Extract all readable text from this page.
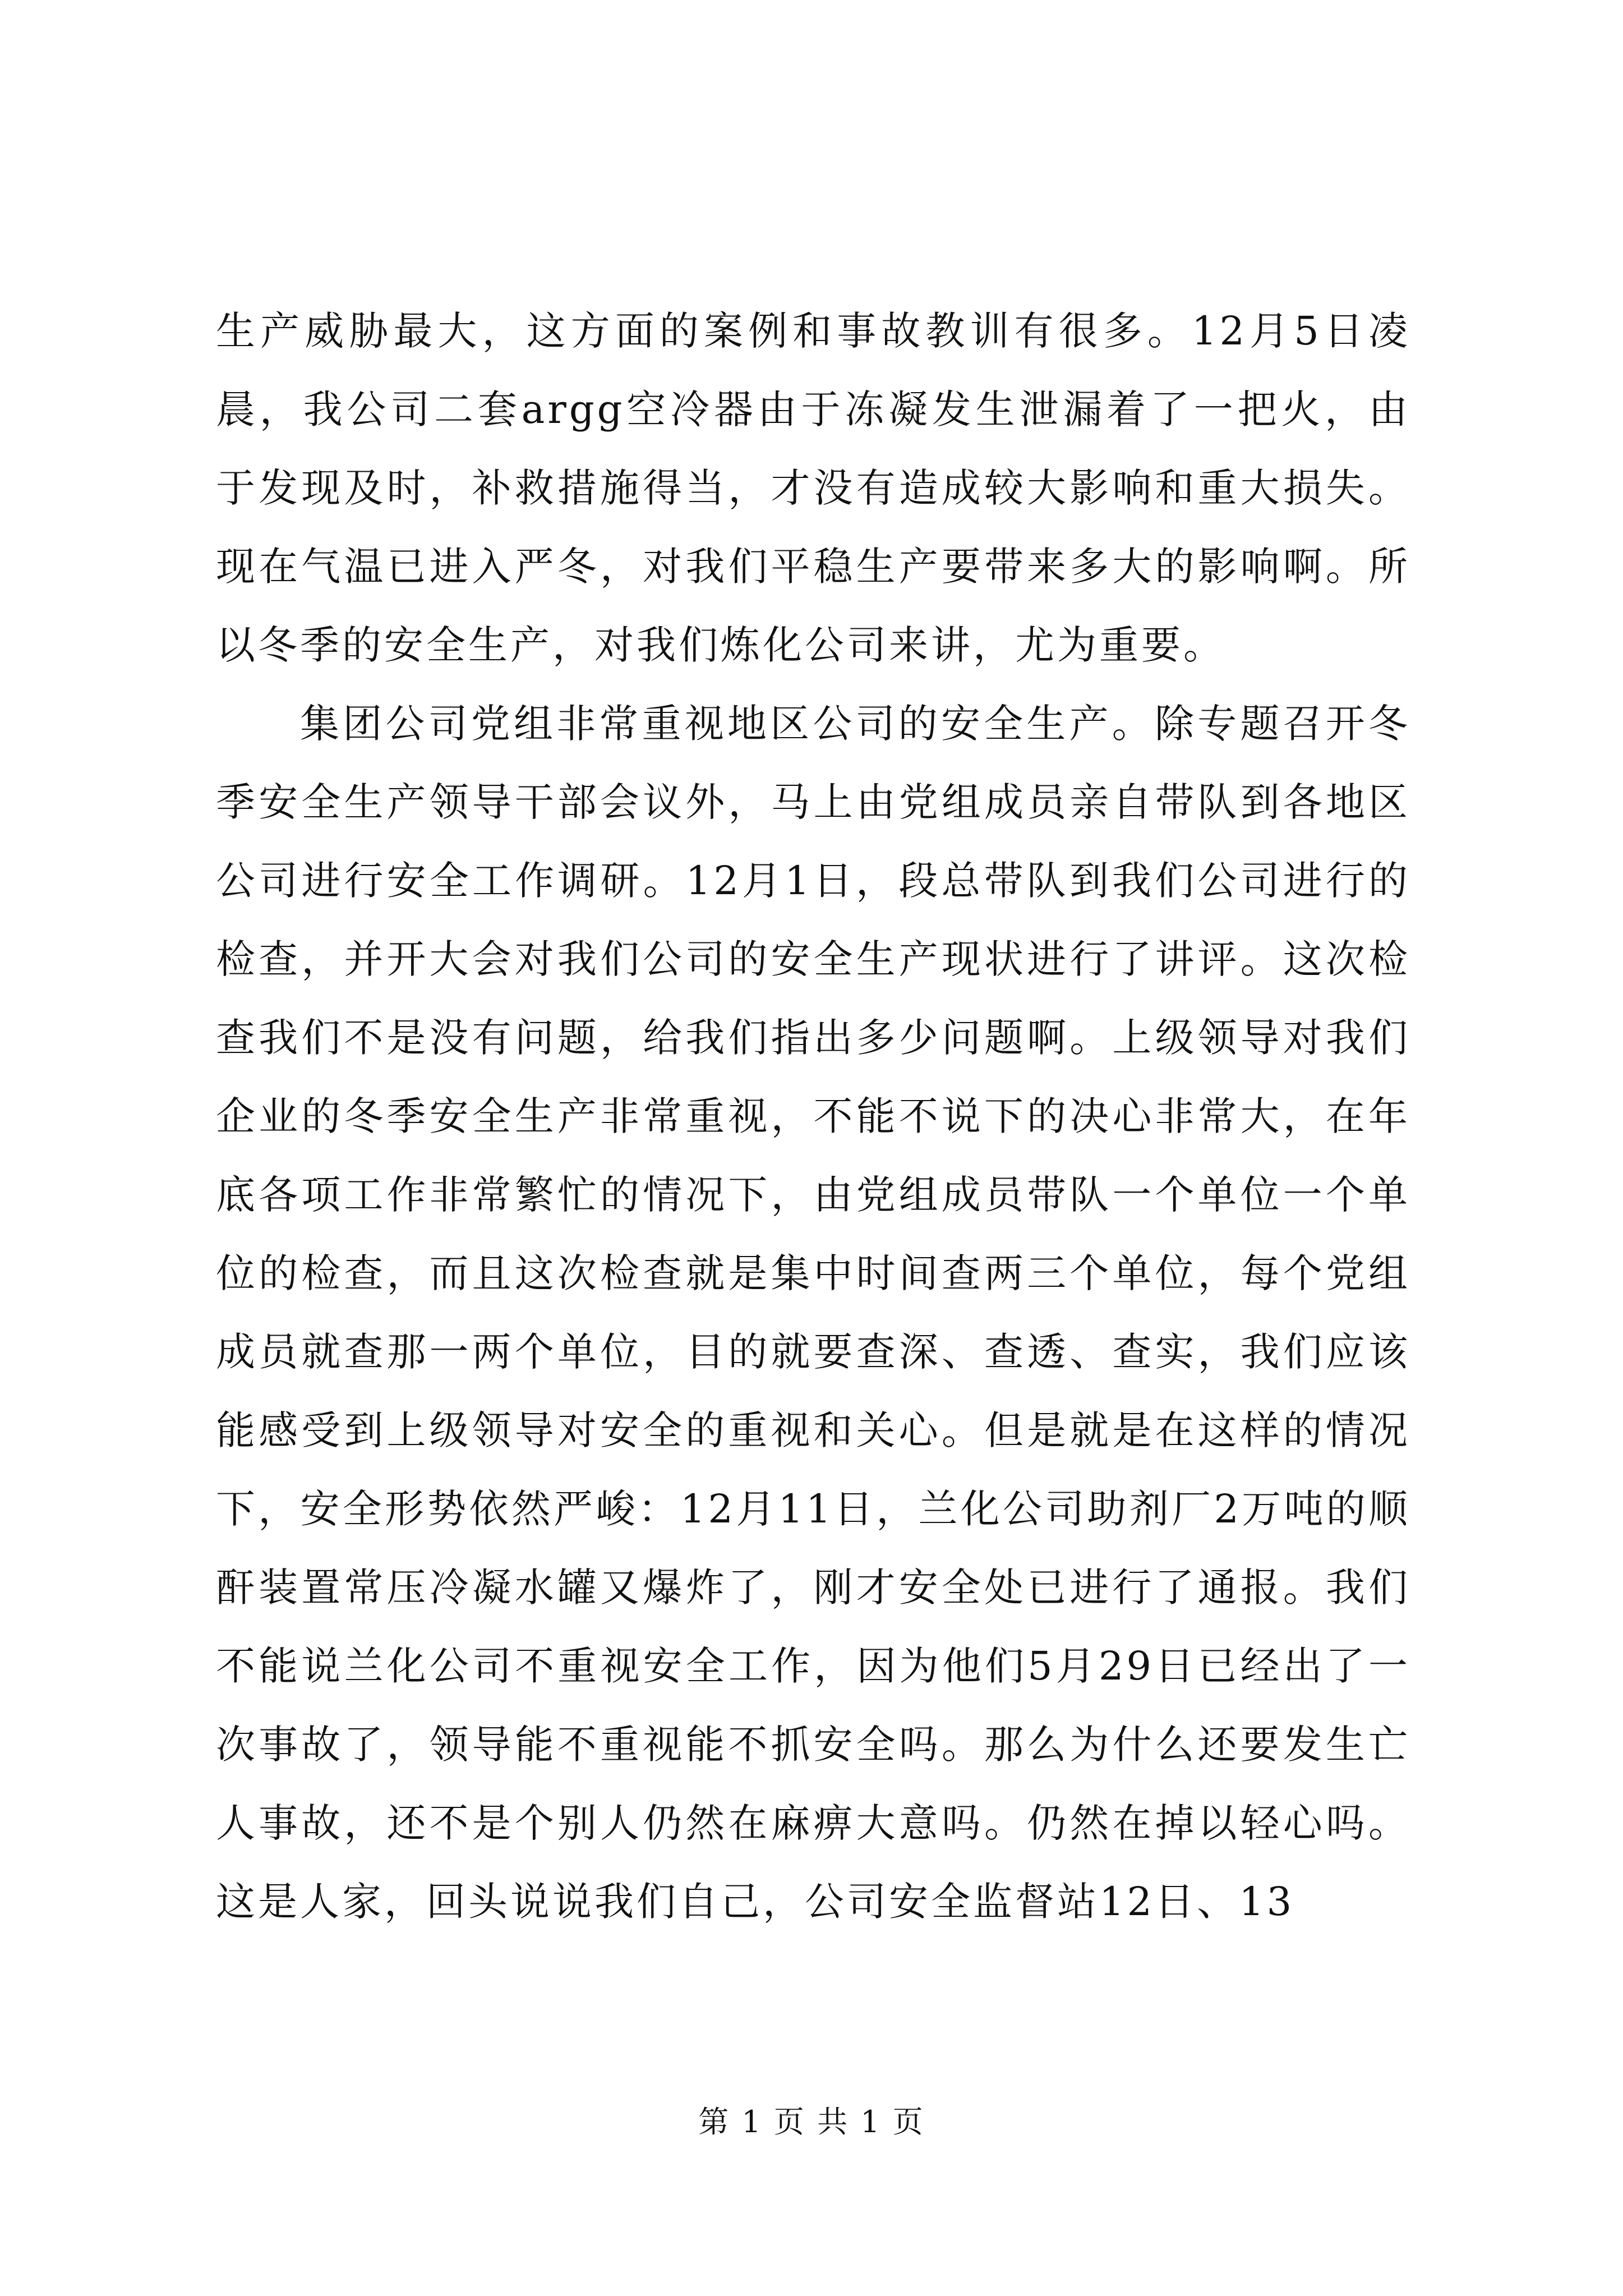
生产威胁最大，这方面的案例和事故教训有很多。12月5日凌晨，我公司二套argg空冷器由于冻凝发生泄漏着了一把火，由于发现及时，补救措施得当，才没有造成较大影响和重大损失。现在气温已进入严冬，对我们平稳生产要带来多大的影响啊。所以冬季的安全生产，对我们炼化公司来讲，尤为重要。

集团公司党组非常重视地区公司的安全生产。除专题召开冬季安全生产领导干部会议外，马上由党组成员亲自带队到各地区公司进行安全工作调研。12月1日，段总带队到我们公司进行的检查，并开大会对我们公司的安全生产现状进行了讲评。这次检查我们不是没有问题，给我们指出多少问题啊。上级领导对我们企业的冬季安全生产非常重视，不能不说下的决心非常大，在年底各项工作非常繁忙的情况下，由党组成员带队一个单位一个单位的检查，而且这次检查就是集中时间查两三个单位，每个党组成员就查那一两个单位，目的就要查深、查透、查实，我们应该能感受到上级领导对安全的重视和关心。但是就是在这样的情况下，安全形势依然严峻：12月11日，兰化公司助剂厂2万吨的顺酐装置常压冷凝水罐又爆炸了，刚才安全处已进行了通报。我们不能说兰化公司不重视安全工作，因为他们5月29日已经出了一次事故了，领导能不重视能不抓安全吗。那么为什么还要发生亡人事故，还不是个别人仍然在麻痹大意吗。仍然在掉以轻心吗。这是人家，回头说说我们自己，公司安全监督站12日、13

第 1 页 共 1 页
